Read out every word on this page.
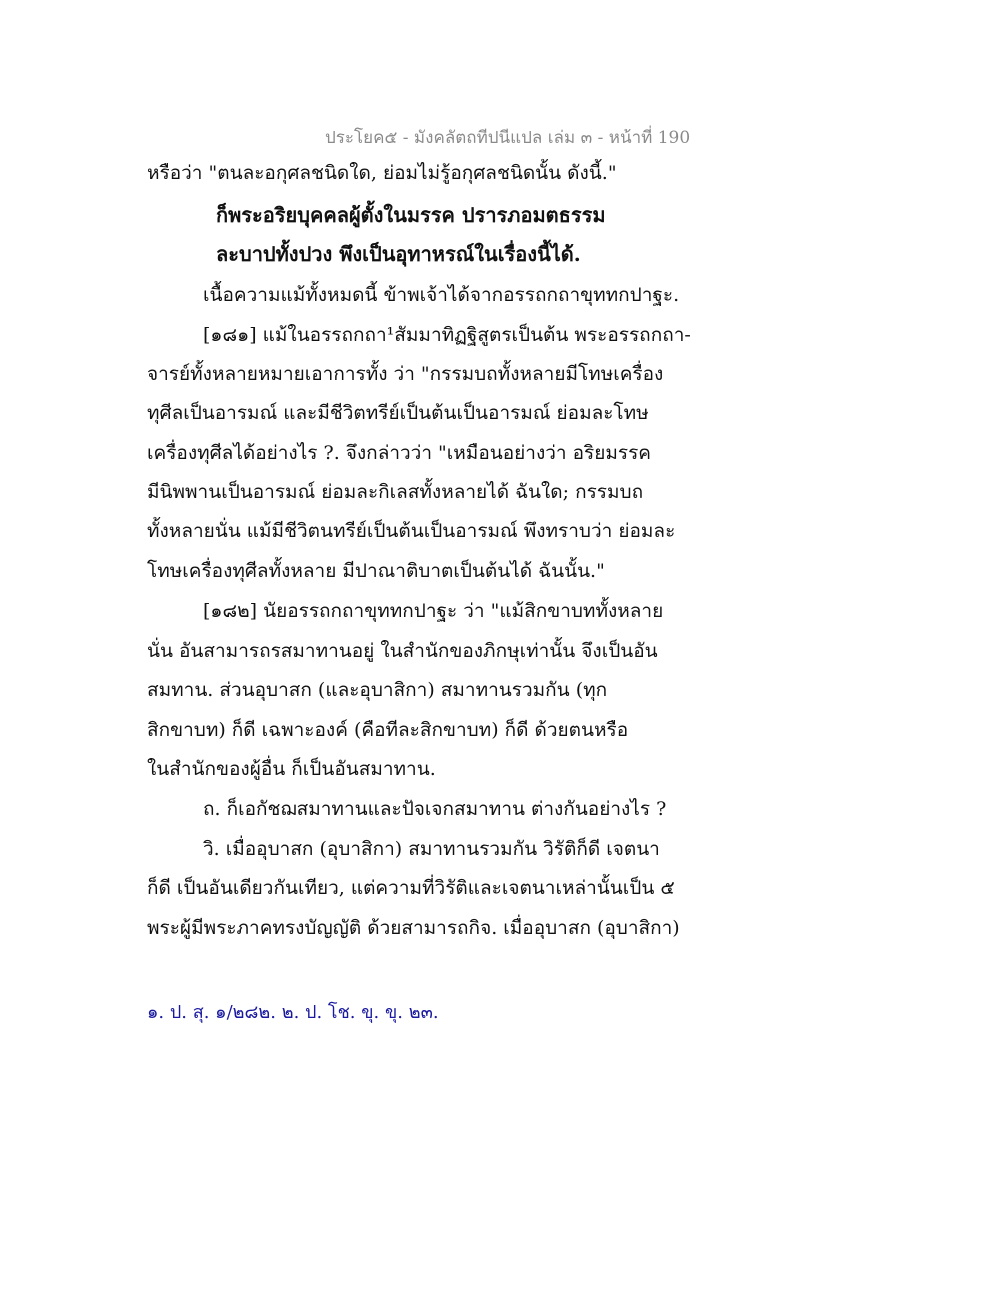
ประโยค๕ - มังคลัตถทีปนีแปล เล่ม ๓ - หน้าที่ 190
หรือว่า "ตนละอกุศลชนิดใด, ย่อมไม่รู้อกุศลชนิดนั้น ดังนี้."
ก็พระอริยบุคคลผู้ตั้งในมรรค ปรารภอมตธรรม
ละบาปทั้งปวง พึงเป็นอุทาหรณ์ในเรื่องนี้ได้.
เนื้อความแม้ทั้งหมดนี้ ข้าพเจ้าได้จากอรรถกถาขุททกปาฐะ.
[๑๘๑] แม้ในอรรถกถา¹สัมมาทิฏฐิสูตรเป็นต้น พระอรรถกถา-
จารย์ทั้งหลายหมายเอาการทั้ง ว่า "กรรมบถทั้งหลายมีโทษเครื่อง
ทุศีลเป็นอารมณ์ และมีชีวิตทรีย์เป็นต้นเป็นอารมณ์ ย่อมละโทษ
เครื่องทุศีลได้อย่างไร ?. จึงกล่าวว่า "เหมือนอย่างว่า อริยมรรค
มีนิพพานเป็นอารมณ์ ย่อมละกิเลสทั้งหลายได้ ฉันใด; กรรมบถ
ทั้งหลายนั่น แม้มีชีวิตนทรีย์เป็นต้นเป็นอารมณ์ พึงทราบว่า ย่อมละ
โทษเครื่องทุศีลทั้งหลาย มีปาณาติบาตเป็นต้นได้ ฉันนั้น."
[๑๘๒] นัยอรรถกถาขุททกปาฐะ ว่า "แม้สิกขาบททั้งหลาย
นั่น อันสามารถรสมาทานอยู่ ในสำนักของภิกษุเท่านั้น จึงเป็นอัน
สมทาน. ส่วนอุบาสก (และอุบาสิกา) สมาทานรวมกัน (ทุก
สิกขาบท) ก็ดี เฉพาะองค์ (คือทีละสิกขาบท) ก็ดี ด้วยตนหรือ
ในสำนักของผู้อื่น ก็เป็นอันสมาทาน.
ถ. ก็เอกัชฌสมาทานและปัจเจกสมาทาน ต่างกันอย่างไร ?
วิ. เมื่ออุบาสก (อุบาสิกา) สมาทานรวมกัน วิรัติก็ดี เจตนา
ก็ดี เป็นอันเดียวกันเทียว, แต่ความที่วิรัติและเจตนาเหล่านั้นเป็น ๕
พระผู้มีพระภาคทรงบัญญัติ ด้วยสามารถกิจ. เมื่ออุบาสก (อุบาสิกา)
๑. ป. สุ. ๑/๒๘๒. ๒. ป. โช. ขุ. ขุ. ๒๓.
